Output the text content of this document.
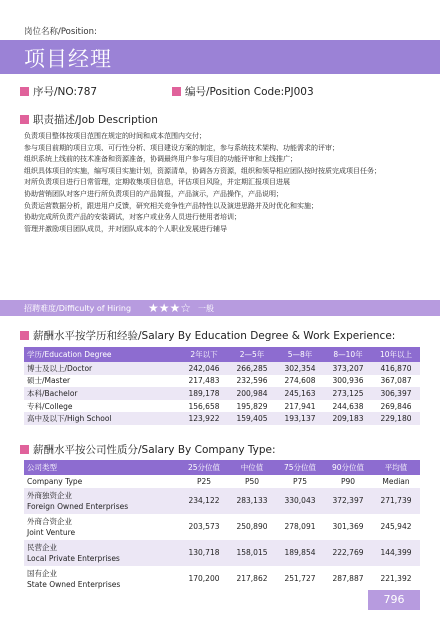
岗位名称/Position:
项目经理
序号/NO:787	编号/Position Code:PJ003
职责描述/Job Description
负责项目整体按项目范围在规定的时间和成本范围内交付；
参与项目前期的项目立项、可行性分析、项目建设方案的制定，参与系统技术架构、功能需求的评审；
组织系统上线前的技术准备和资源准备，协调最终用户参与项目的功能评审和上线推广；
组织具体项目的实施，编写项目实施计划，资源清单，协调各方资源，组织和领导相应团队按时按质完成项目任务；
对所负责项目进行日常管理，定期收集项目信息，评估项目风险，并定期汇报项目进展
协助营销团队对客户进行所负责项目的产品简报，产品演示，产品操作，产品说明；
负责运营数据分析，跟进用户反馈，研究相关竞争性产品特性以及演进思路并及时优化和实施；
协助完成所负责产品的安装调试，对客户或业务人员进行使用者培训；
管理并激励项目团队成员，并对团队成本的个人职业发展进行辅导
招聘难度/Difficulty of Hiring ★★★☆ 一般
薪酬水平按学历和经验/Salary By Education Degree & Work Experience:
学历/Education Degree	2年以下	2—5年	5—8年	8—10年	10年以上
博士及以上/Doctor	242,046	266,285	302,354	373,207	416,870
硕士/Master	217,483	232,596	274,608	300,936	367,087
本科/Bachelor	189,178	200,984	245,163	273,125	306,397
专科/College	156,658	195,829	217,941	244,638	269,846
高中及以下/High School	123,922	159,405	193,137	209,183	229,180
薪酬水平按公司性质分/Salary By Company Type:
公司类型	25分位值	中位值	75分位值	90分位值	平均值
Company Type	P25	P50	P75	P90	Median

外商独资企业
Foreign Owned Enterprises	234,122	283,133	330,043	372,397	271,739

外商合资企业
Joint Venture	203,573	250,890	278,091	301,369	245,942

民营企业
Local Private Enterprises	130,718	158,015	189,854	222,769	144,399

国有企业
State Owned Enterprises	170,200	217,862	251,727	287,887	221,392
796
